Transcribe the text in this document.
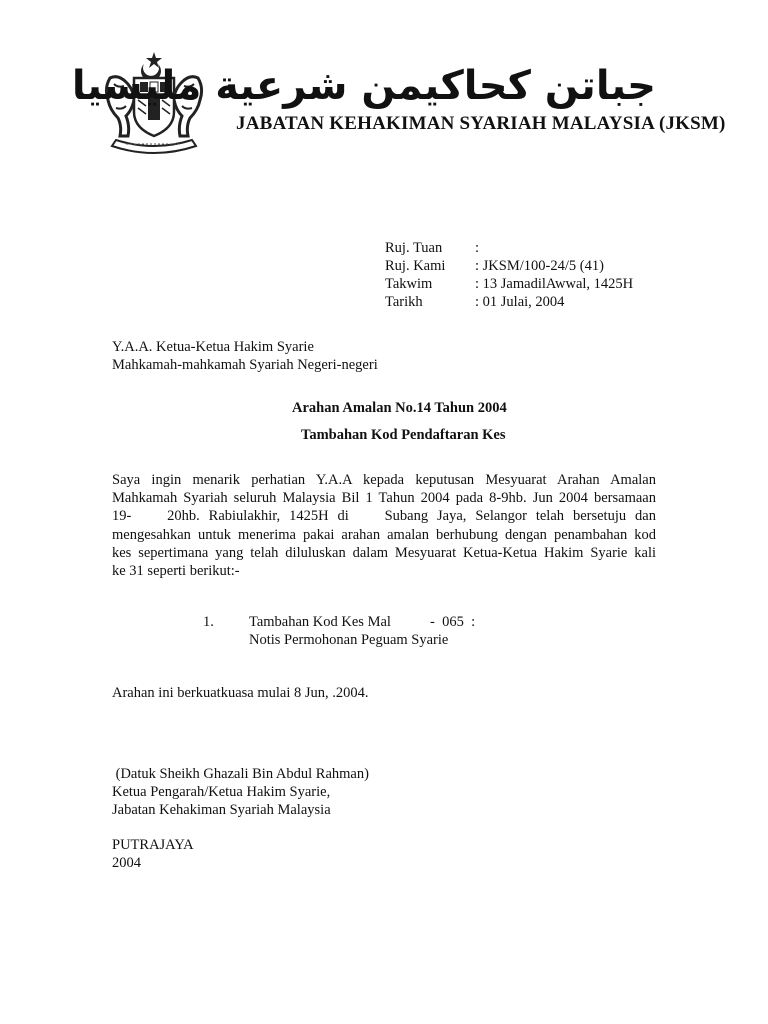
جباتن كحاكيمن شرعية مليسيا
JABATAN KEHAKIMAN SYARIAH MALAYSIA (JKSM)
Ruj. Tuan :
Ruj. Kami : JKSM/100-24/5 (41)
Takwim	: 13 JamadilAwwal, 1425H
Tarikh	: 01 Julai, 2004
Y.A.A. Ketua-Ketua Hakim Syarie
Mahkamah-mahkamah Syariah Negeri-negeri
Arahan Amalan No.14 Tahun 2004
Tambahan Kod Pendaftaran Kes
Saya ingin menarik perhatian Y.A.A kepada keputusan Mesyuarat Arahan Amalan
Mahkamah Syariah seluruh Malaysia Bil 1 Tahun 2004 pada 8-9hb. Jun 2004 bersamaan
19-    20hb. Rabiulakhir, 1425H di    Subang Jaya, Selangor telah bersetuju dan
mengesahkan untuk menerima pakai arahan amalan berhubung dengan penambahan kod
kes sepertimana yang telah diluluskan dalam Mesyuarat Ketua-Ketua Hakim Syarie kali
ke 31 seperti berikut:-
1. Tambahan Kod Kes Mal	-  065  :
Notis Permohonan Peguam Syarie
Arahan ini berkuatkuasa mulai 8 Jun, .2004.
(Datuk Sheikh Ghazali Bin Abdul Rahman)
Ketua Pengarah/Ketua Hakim Syarie,
Jabatan Kehakiman Syariah Malaysia
PUTRAJAYA
2004
